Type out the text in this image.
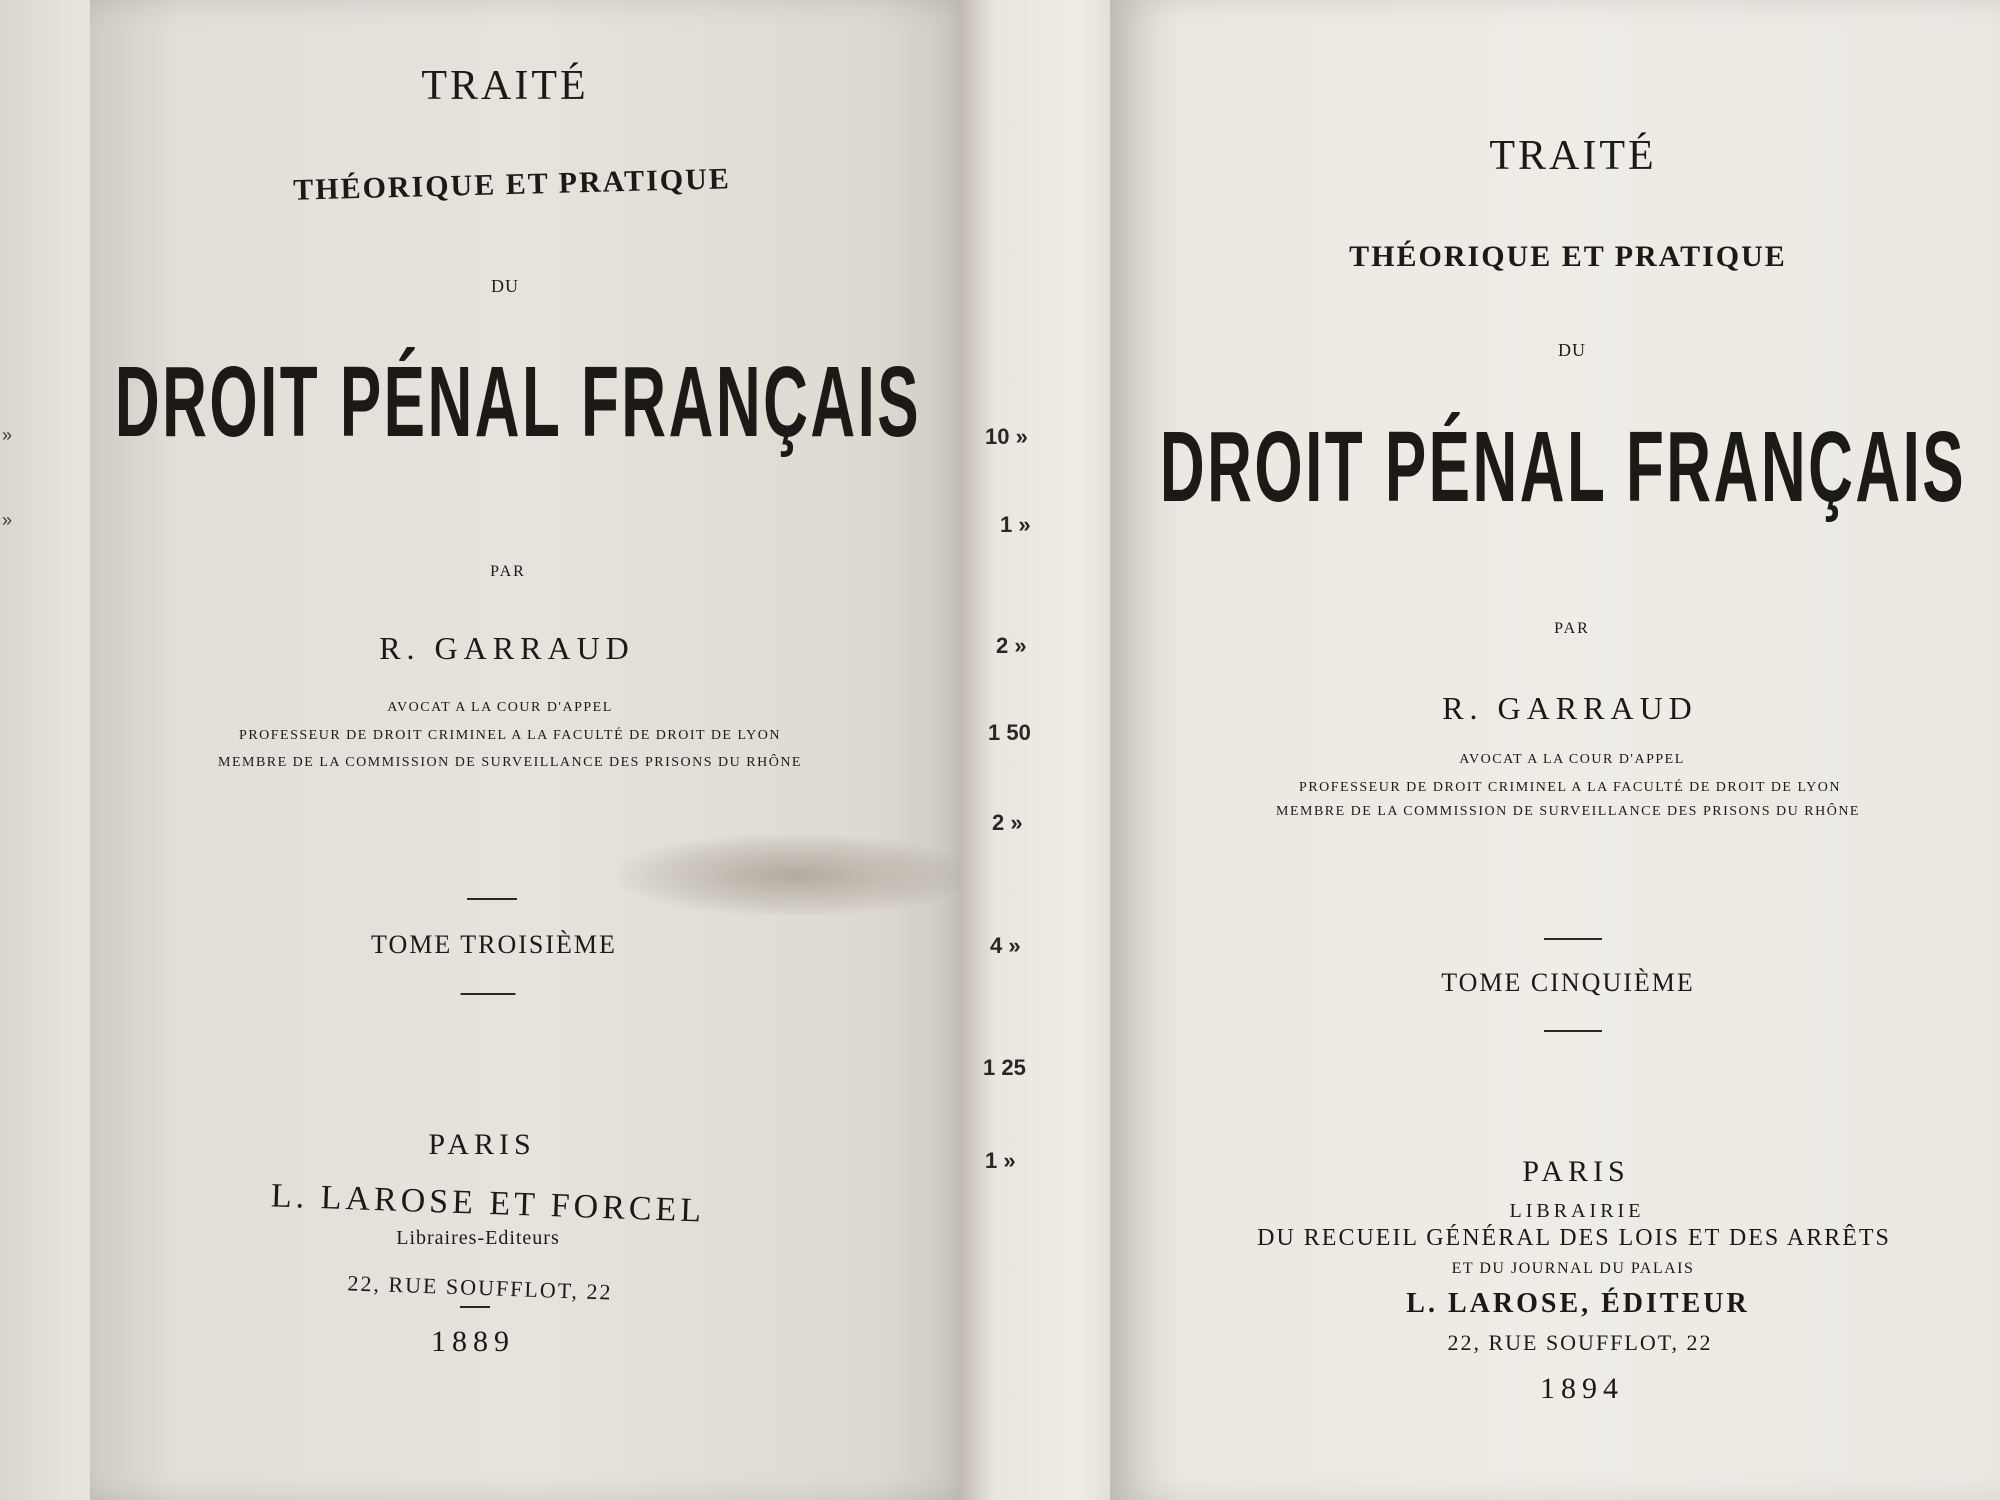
»
»
TRAITÉ
THÉORIQUE ET PRATIQUE
DU
DROIT PÉNAL FRANÇAIS
PAR
R. GARRAUD
AVOCAT A LA COUR D'APPEL
PROFESSEUR DE DROIT CRIMINEL A LA FACULTÉ DE DROIT DE LYON
MEMBRE DE LA COMMISSION DE SURVEILLANCE DES PRISONS DU RHÔNE
TOME TROISIÈME
PARIS
L. LAROSE ET FORCEL
Libraires-Editeurs
22, RUE SOUFFLOT, 22
1889
10 »
1 »
2 »
1 50
2 »
4 »
1 25
1 »
TRAITÉ
THÉORIQUE ET PRATIQUE
DU
DROIT PÉNAL FRANÇAIS
PAR
R. GARRAUD
AVOCAT A LA COUR D'APPEL
PROFESSEUR DE DROIT CRIMINEL A LA FACULTÉ DE DROIT DE LYON
MEMBRE DE LA COMMISSION DE SURVEILLANCE DES PRISONS DU RHÔNE
TOME CINQUIÈME
PARIS
LIBRAIRIE
DU RECUEIL GÉNÉRAL DES LOIS ET DES ARRÊTS
ET DU JOURNAL DU PALAIS
L. LAROSE, ÉDITEUR
22, RUE SOUFFLOT, 22
1894
